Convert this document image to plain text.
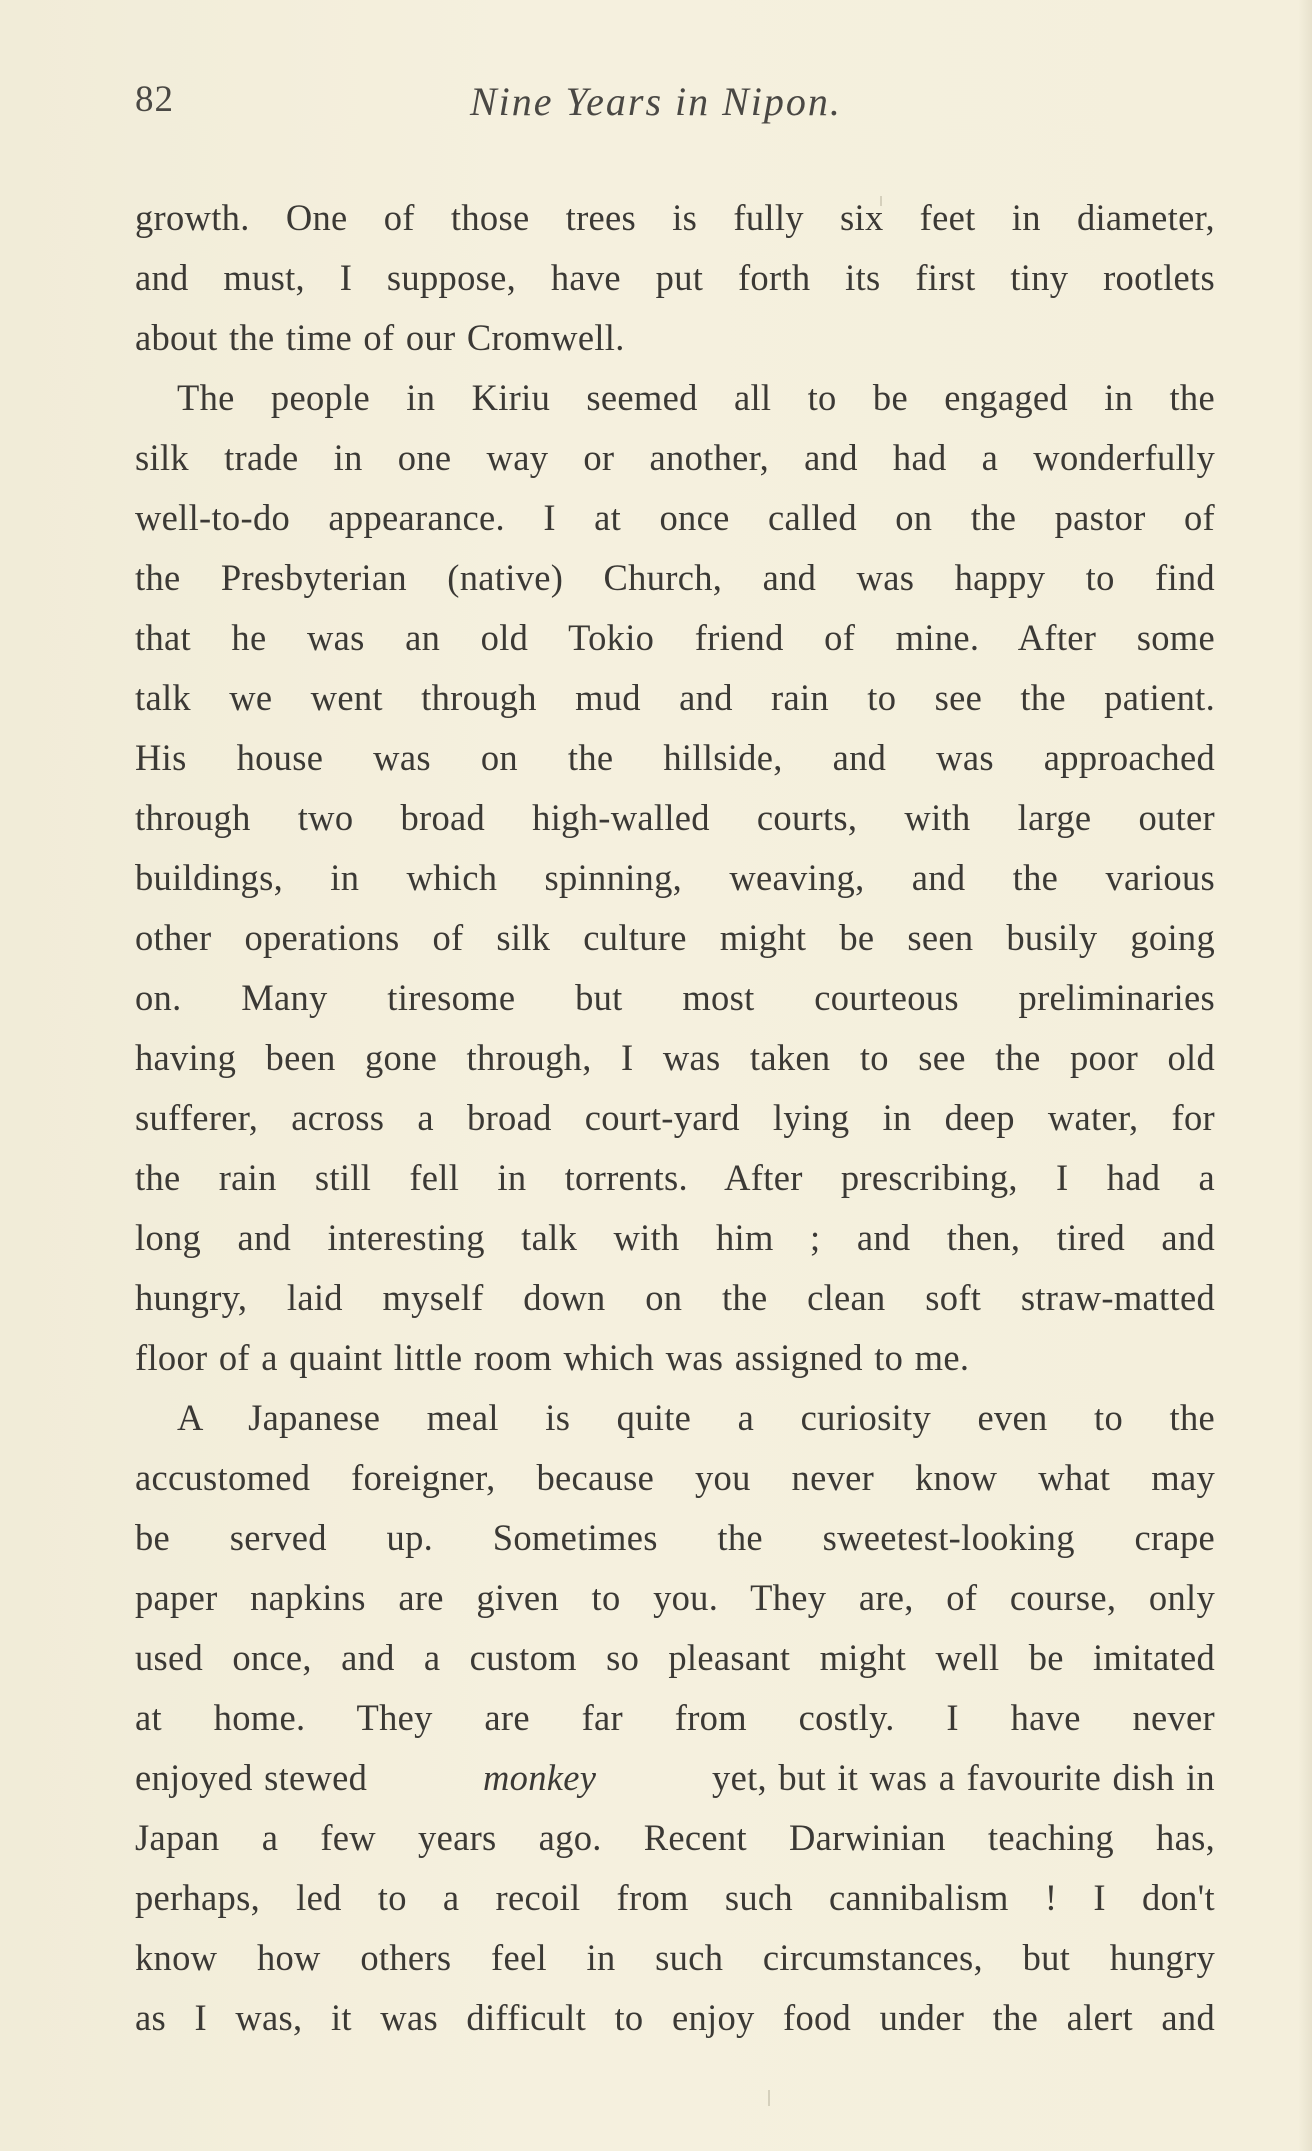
82	Nine Years in Nipon.
growth. One of those trees is fully six feet in diameter,
and must, I suppose, have put forth its first tiny rootlets
about the time of our Cromwell.
The people in Kiriu seemed all to be engaged in the
silk trade in one way or another, and had a wonderfully
well-to-do appearance. I at once called on the pastor of
the Presbyterian (native) Church, and was happy to find
that he was an old Tokio friend of mine. After some
talk we went through mud and rain to see the patient.
His house was on the hillside, and was approached
through two broad high-walled courts, with large outer
buildings, in which spinning, weaving, and the various
other operations of silk culture might be seen busily going
on. Many tiresome but most courteous preliminaries
having been gone through, I was taken to see the poor old
sufferer, across a broad court-yard lying in deep water, for
the rain still fell in torrents. After prescribing, I had a
long and interesting talk with him ; and then, tired and
hungry, laid myself down on the clean soft straw-matted
floor of a quaint little room which was assigned to me.
A Japanese meal is quite a curiosity even to the
accustomed foreigner, because you never know what may
be served up. Sometimes the sweetest-looking crape
paper napkins are given to you. They are, of course, only
used once, and a custom so pleasant might well be imitated
at home. They are far from costly. I have never
enjoyed stewed	monkey	yet, but it was a favourite dish in
Japan a few years ago. Recent Darwinian teaching has,
perhaps, led to a recoil from such cannibalism ! I don't
know how others feel in such circumstances, but hungry
as I was, it was difficult to enjoy food under the alert and
